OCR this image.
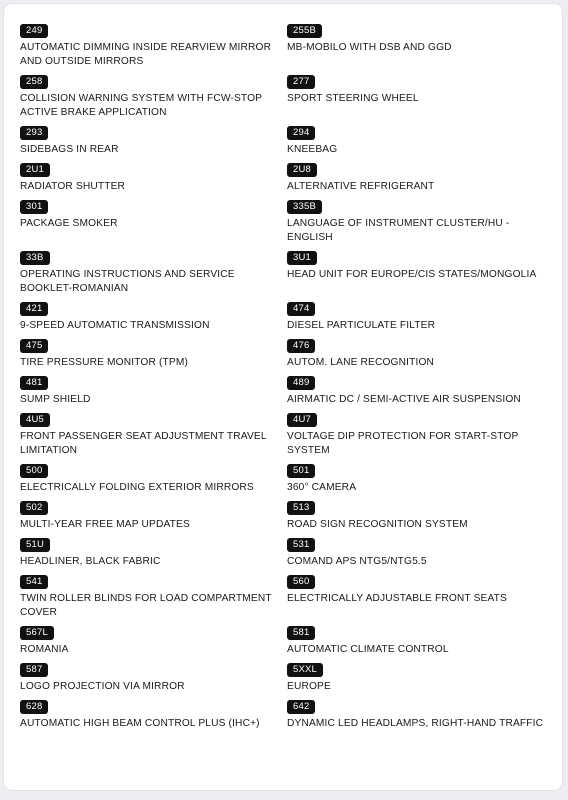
249
AUTOMATIC DIMMING INSIDE REARVIEW MIRROR AND OUTSIDE MIRRORS
255B
MB-MOBILO WITH DSB AND GGD
258
COLLISION WARNING SYSTEM WITH FCW-STOP ACTIVE BRAKE APPLICATION
277
SPORT STEERING WHEEL
293
SIDEBAGS IN REAR
294
KNEEBAG
2U1
RADIATOR SHUTTER
2U8
ALTERNATIVE REFRIGERANT
301
PACKAGE SMOKER
335B
LANGUAGE OF INSTRUMENT CLUSTER/HU - ENGLISH
33B
OPERATING INSTRUCTIONS AND SERVICE BOOKLET-ROMANIAN
3U1
HEAD UNIT FOR EUROPE/CIS STATES/MONGOLIA
421
9-SPEED AUTOMATIC TRANSMISSION
474
DIESEL PARTICULATE FILTER
475
TIRE PRESSURE MONITOR (TPM)
476
AUTOM. LANE RECOGNITION
481
SUMP SHIELD
489
AIRMATIC DC / SEMI-ACTIVE AIR SUSPENSION
4U5
FRONT PASSENGER SEAT ADJUSTMENT TRAVEL LIMITATION
4U7
VOLTAGE DIP PROTECTION FOR START-STOP SYSTEM
500
ELECTRICALLY FOLDING EXTERIOR MIRRORS
501
360° CAMERA
502
MULTI-YEAR FREE MAP UPDATES
513
ROAD SIGN RECOGNITION SYSTEM
51U
HEADLINER, BLACK FABRIC
531
COMAND APS NTG5/NTG5.5
541
TWIN ROLLER BLINDS FOR LOAD COMPARTMENT COVER
560
ELECTRICALLY ADJUSTABLE FRONT SEATS
567L
ROMANIA
581
AUTOMATIC CLIMATE CONTROL
587
LOGO PROJECTION VIA MIRROR
5XXL
EUROPE
628
AUTOMATIC HIGH BEAM CONTROL PLUS (IHC+)
642
DYNAMIC LED HEADLAMPS, RIGHT-HAND TRAFFIC
